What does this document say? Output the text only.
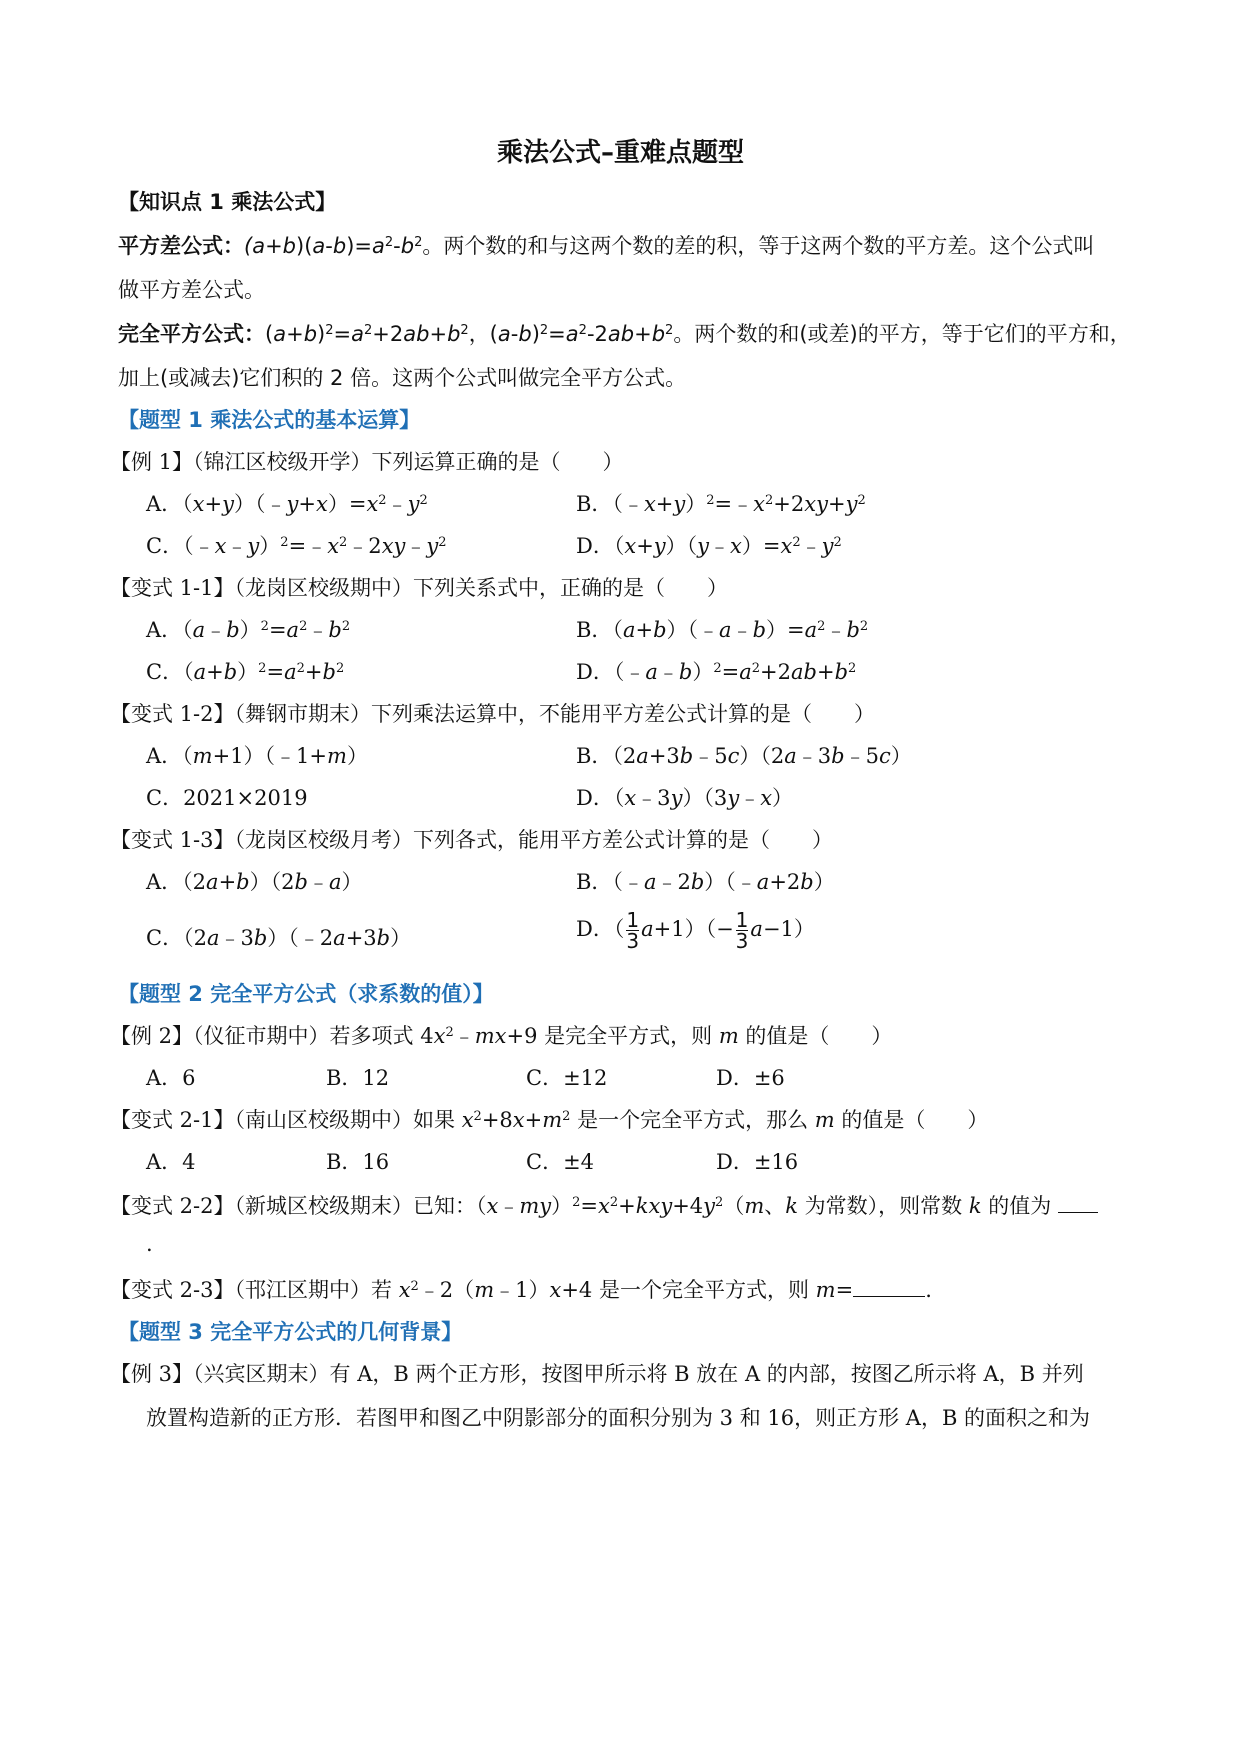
乘法公式–重难点题型
【知识点 1 乘法公式】
平方差公式：$(a+b)(a-b)=a^2-b^2$。两个数的和与这两个数的差的积，等于这两个数的平方差。这个公式叫
做平方差公式。
完全平方公式：$(a+b)^2=a^2+2ab+b^2$，$(a-b)^2=a^2-2ab+b^2$。两个数的和(或差)的平方，等于它们的平方和，
加上(或减去)它们积的 2 倍。这两个公式叫做完全平方公式。
【题型 1 乘法公式的基本运算】
【例 1】（锦江区校级开学）下列运算正确的是（　　）
A．$(x+y)(﹣y+x)=x^2﹣y^2$	B．$(﹣x+y)^2=﹣x^2+2xy+y^2$
C．$(﹣x﹣y)^2=﹣x^2﹣2xy﹣y^2$	D．$(x+y)(y﹣x)=x^2﹣y^2$
【变式 1-1】（龙岗区校级期中）下列关系式中，正确的是（　　）
A．$(a﹣b)^2=a^2﹣b^2$	B．$(a+b)(﹣a﹣b)=a^2﹣b^2$
C．$(a+b)^2=a^2+b^2$	D．$(﹣a﹣b)^2=a^2+2ab+b^2$
【变式 1-2】（舞钢市期末）下列乘法运算中，不能用平方差公式计算的是（　　）
A．（m+1）（﹣1+m）	B．（2a+3b﹣5c）（2a﹣3b﹣5c）
C．2021×2019	D．（x﹣3y）（3y﹣x）
【变式 1-3】（龙岗区校级月考）下列各式，能用平方差公式计算的是（　　）
A．（2a+b）（2b﹣a）	B．（﹣a﹣2b）（﹣a+2b）
C．（2a﹣3b）（﹣2a+3b）	D．（ $\frac{1}{3} a+1)(- \frac{1}{3} a-1)$
【题型 2 完全平方公式（求系数的值）】
【例 2】（仪征市期中）若多项式 $4x^2﹣mx+9$ 是完全平方式，则 m 的值是（　　）
A．6	B．12	C．±12	D．±6
【变式 2-1】（南山区校级期中）如果 $x^2+8x+m^2$ 是一个完全平方式，那么 m 的值是（　　）
A．4	B．16	C．±4	D．±16
【变式 2-2】（新城区校级期末）已知：$(x﹣my)^2=x^2+kxy+4y^2(m$、k 为常数），则常数 k 的值为
.
【变式 2-3】（邗江区期中）若 $x^2﹣2(m﹣1)x+4$ 是一个完全平方式，则 m=	.
【题型 3 完全平方公式的几何背景】
【例 3】（兴宾区期末）有 A，B 两个正方形，按图甲所示将 B 放在 A 的内部，按图乙所示将 A，B 并列
放置构造新的正方形．若图甲和图乙中阴影部分的面积分别为 3 和 16，则正方形 A，B 的面积之和为
